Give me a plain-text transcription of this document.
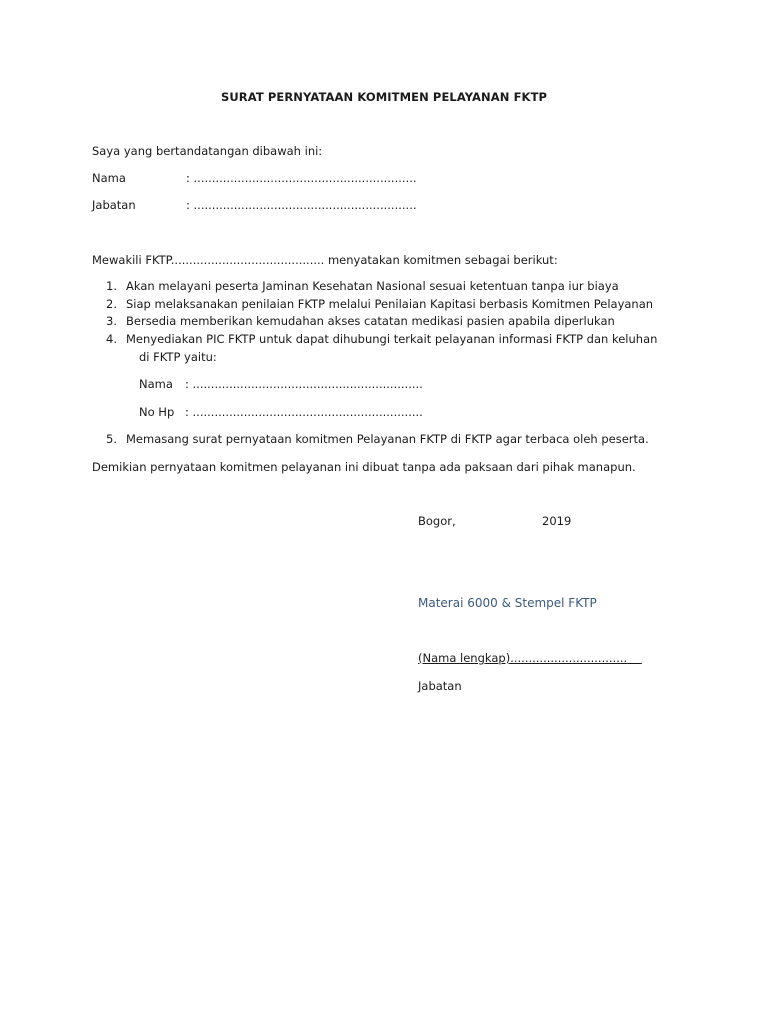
SURAT PERNYATAAN KOMITMEN PELAYANAN FKTP
Saya yang bertandatangan dibawah ini:
Nama	: .............................................................
Jabatan	: .............................................................
Mewakili FKTP.......................................... menyatakan komitmen sebagai berikut:
1. Akan melayani peserta Jaminan Kesehatan Nasional sesuai ketentuan tanpa iur biaya
2. Siap melaksanakan penilaian FKTP melalui Penilaian Kapitasi berbasis Komitmen Pelayanan
3. Bersedia memberikan kemudahan akses catatan medikasi pasien apabila diperlukan
4. Menyediakan PIC FKTP untuk dapat dihubungi terkait pelayanan informasi FKTP dan keluhan
di FKTP yaitu:
Nama : ...............................................................
No Hp : ...............................................................
5. Memasang surat pernyataan komitmen Pelayanan FKTP di FKTP agar terbaca oleh peserta.
Demikian pernyataan komitmen pelayanan ini dibuat tanpa ada paksaan dari pihak manapun.
Bogor,	2019
Materai 6000 & Stempel FKTP
(Nama lengkap)................................
Jabatan
